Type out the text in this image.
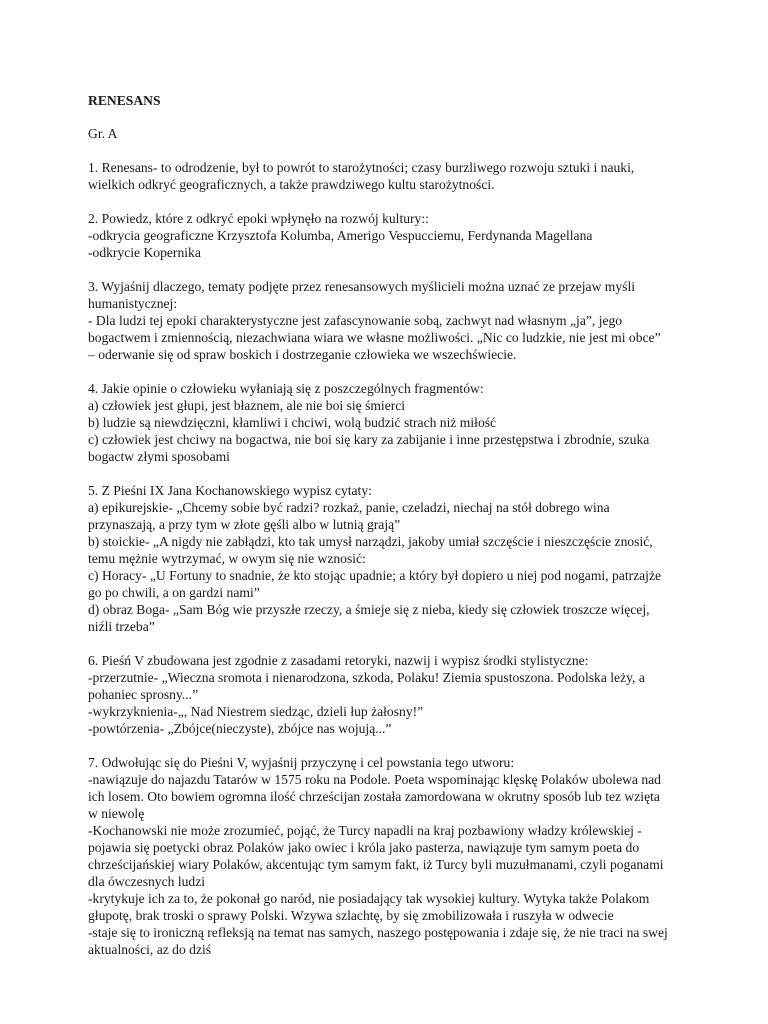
RENESANS
Gr. A
1. Renesans- to odrodzenie, był to powrót to starożytności; czasy burzliwego rozwoju sztuki i nauki,
wielkich odkryć geograficznych, a także prawdziwego kultu starożytności.
2. Powiedz, które z odkryć epoki wpłynęło na rozwój kultury::
-odkrycia geograficzne Krzysztofa Kolumba, Amerigo Vespucciemu, Ferdynanda Magellana
-odkrycie Kopernika
3. Wyjaśnij dlaczego, tematy podjęte przez renesansowych myślicieli można uznać ze przejaw myśli
humanistycznej:
- Dla ludzi tej epoki charakterystyczne jest zafascynowanie sobą, zachwyt nad własnym „ja”, jego
bogactwem i zmiennością, niezachwiana wiara we własne możliwości. „Nic co ludzkie, nie jest mi obce”
– oderwanie się od spraw boskich i dostrzeganie człowieka we wszechświecie.
4. Jakie opinie o człowieku wyłaniają się z poszczególnych fragmentów:
a) człowiek jest głupi, jest błaznem, ale nie boi się śmierci
b) ludzie są niewdzięczni, kłamliwi i chciwi, wolą budzić strach niż miłość
c) człowiek jest chciwy na bogactwa, nie boi się kary za zabijanie i inne przestępstwa i zbrodnie, szuka
bogactw złymi sposobami
5. Z Pieśni IX Jana Kochanowskiego wypisz cytaty:
a) epikurejskie- „Chcemy sobie być radzi? rozkaż, panie, czeladzi, niechaj na stół dobrego wina
przynaszają, a przy tym w złote gęśli albo w lutnią grają”
b) stoickie- „A nigdy nie zabłądzi, kto tak umysł narządzi, jakoby umiał szczęście i nieszczęście znosić,
temu mężnie wytrzymać, w owym się nie wznosić:
c) Horacy- „U Fortuny to snadnie, że kto stojąc upadnie; a który był dopiero u niej pod nogami, patrzajże
go po chwili, a on gardzi nami”
d) obraz Boga- „Sam Bóg wie przyszłe rzeczy, a śmieje się z nieba, kiedy się człowiek troszcze więcej,
niźli trzeba”
6. Pieśń V zbudowana jest zgodnie z zasadami retoryki, nazwij i wypisz środki stylistyczne:
-przerzutnie- „Wieczna sromota i nienarodzona, szkoda, Polaku! Ziemia spustoszona. Podolska leży, a
pohaniec sprosny...”
-wykrzyknienia-„, Nad Niestrem siedząc, dzieli łup żałosny!”
-powtórzenia- „Zbójce(nieczyste), zbójce nas wojują...”
7. Odwołując się do Pieśni V, wyjaśnij przyczynę i cel powstania tego utworu:
-nawiązuje do najazdu Tatarów w 1575 roku na Podole. Poeta wspominając klęskę Polaków ubolewa nad
ich losem. Oto bowiem ogromna ilość chrześcijan została zamordowana w okrutny sposób lub tez wzięta
w niewolę
-Kochanowski nie może zrozumieć, pojąć, że Turcy napadli na kraj pozbawiony władzy królewskiej -
pojawia się poetycki obraz Polaków jako owiec i króla jako pasterza, nawiązuje tym samym poeta do
chrześcijańskiej wiary Polaków, akcentując tym samym fakt, iż Turcy byli muzułmanami, czyli poganami
dla ówczesnych ludzi
-krytykuje ich za to, że pokonał go naród, nie posiadający tak wysokiej kultury. Wytyka także Polakom
głupotę, brak troski o sprawy Polski. Wzywa szlachtę, by się zmobilizowała i ruszyła w odwecie
-staje się to ironiczną refleksją na temat nas samych, naszego postępowania i zdaje się, że nie traci na swej
aktualności, az do dziś
